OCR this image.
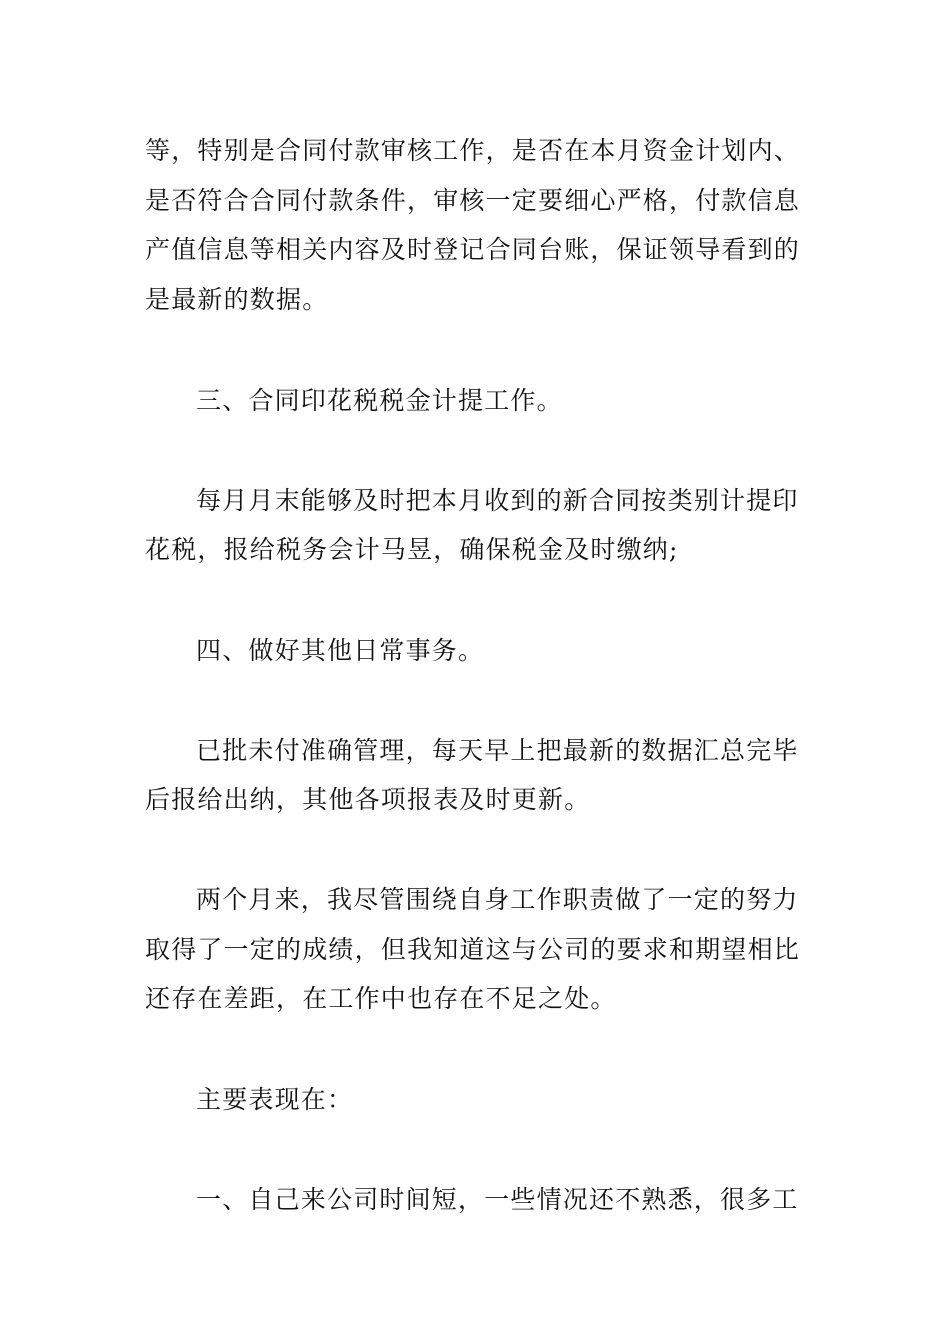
等，特别是合同付款审核工作，是否在本月资金计划内、
是否符合合同付款条件，审核一定要细心严格，付款信息
产值信息等相关内容及时登记合同台账，保证领导看到的
是最新的数据。
三、合同印花税税金计提工作。
每月月末能够及时把本月收到的新合同按类别计提印
花税，报给税务会计马昱，确保税金及时缴纳;
四、做好其他日常事务。
已批未付准确管理，每天早上把最新的数据汇总完毕
后报给出纳，其他各项报表及时更新。
两个月来，我尽管围绕自身工作职责做了一定的努力
取得了一定的成绩，但我知道这与公司的要求和期望相比
还存在差距，在工作中也存在不足之处。
主要表现在：
一、自己来公司时间短，一些情况还不熟悉，很多工
